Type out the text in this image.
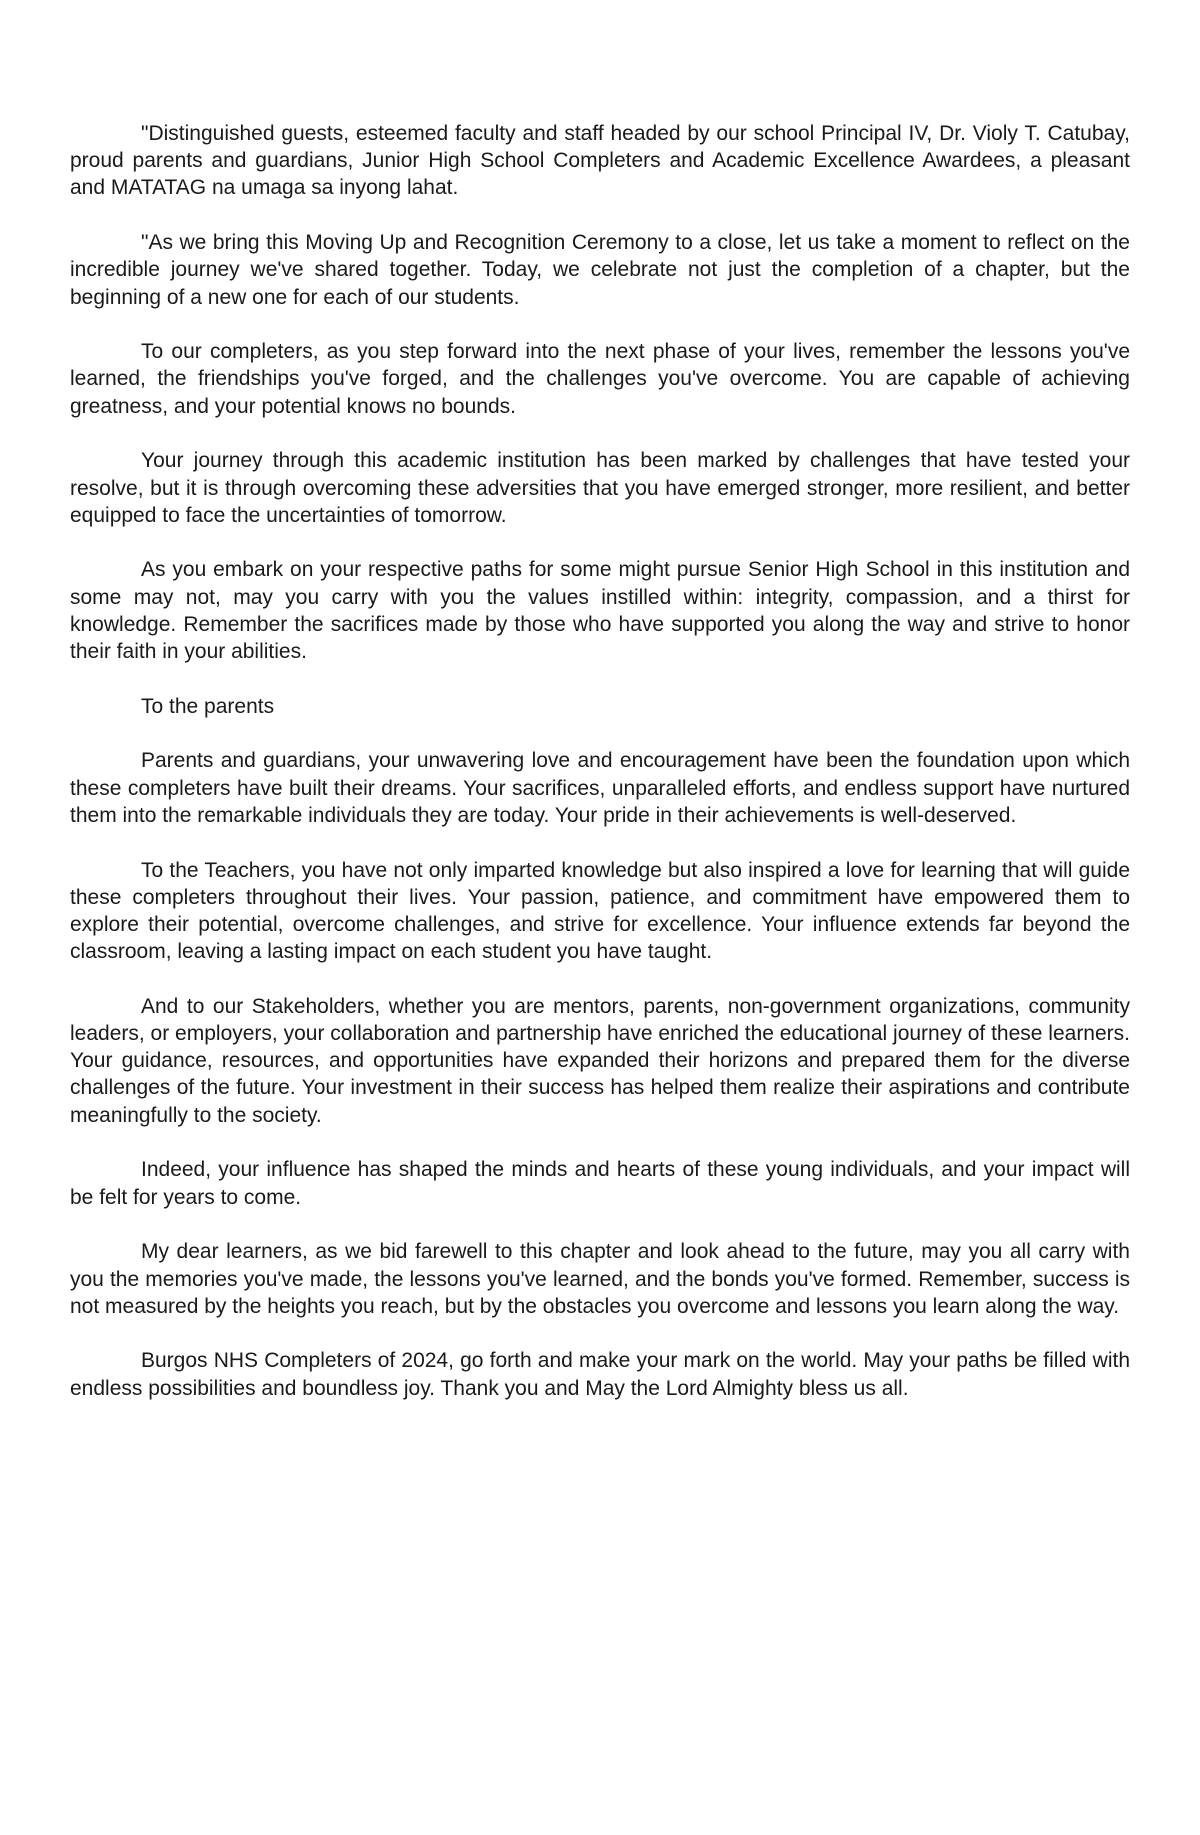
"Distinguished guests, esteemed faculty and staff headed by our school Principal IV, Dr. Violy T. Catubay, proud parents and guardians, Junior High School Completers and Academic Excellence Awardees, a pleasant and MATATAG na umaga sa inyong lahat.

"As we bring this Moving Up and Recognition Ceremony to a close, let us take a moment to reflect on the incredible journey we've shared together. Today, we celebrate not just the completion of a chapter, but the beginning of a new one for each of our students.

To our completers, as you step forward into the next phase of your lives, remember the lessons you've learned, the friendships you've forged, and the challenges you've overcome. You are capable of achieving greatness, and your potential knows no bounds.

Your journey through this academic institution has been marked by challenges that have tested your resolve, but it is through overcoming these adversities that you have emerged stronger, more resilient, and better equipped to face the uncertainties of tomorrow.

As you embark on your respective paths for some might pursue Senior High School in this institution and some may not, may you carry with you the values instilled within: integrity, compassion, and a thirst for knowledge. Remember the sacrifices made by those who have supported you along the way and strive to honor their faith in your abilities.

To the parents

Parents and guardians, your unwavering love and encouragement have been the foundation upon which these completers have built their dreams. Your sacrifices, unparalleled efforts, and endless support have nurtured them into the remarkable individuals they are today. Your pride in their achievements is well-deserved.

To the Teachers, you have not only imparted knowledge but also inspired a love for learning that will guide these completers throughout their lives. Your passion, patience, and commitment have empowered them to explore their potential, overcome challenges, and strive for excellence. Your influence extends far beyond the classroom, leaving a lasting impact on each student you have taught.

And to our Stakeholders, whether you are mentors, parents, non-government organizations, community leaders, or employers, your collaboration and partnership have enriched the educational journey of these learners. Your guidance, resources, and opportunities have expanded their horizons and prepared them for the diverse challenges of the future. Your investment in their success has helped them realize their aspirations and contribute meaningfully to the society.

Indeed, your influence has shaped the minds and hearts of these young individuals, and your impact will be felt for years to come.

My dear learners, as we bid farewell to this chapter and look ahead to the future, may you all carry with you the memories you've made, the lessons you've learned, and the bonds you've formed. Remember, success is not measured by the heights you reach, but by the obstacles you overcome and lessons you learn along the way.

Burgos NHS Completers of 2024, go forth and make your mark on the world. May your paths be filled with endless possibilities and boundless joy. Thank you and May the Lord Almighty bless us all.
